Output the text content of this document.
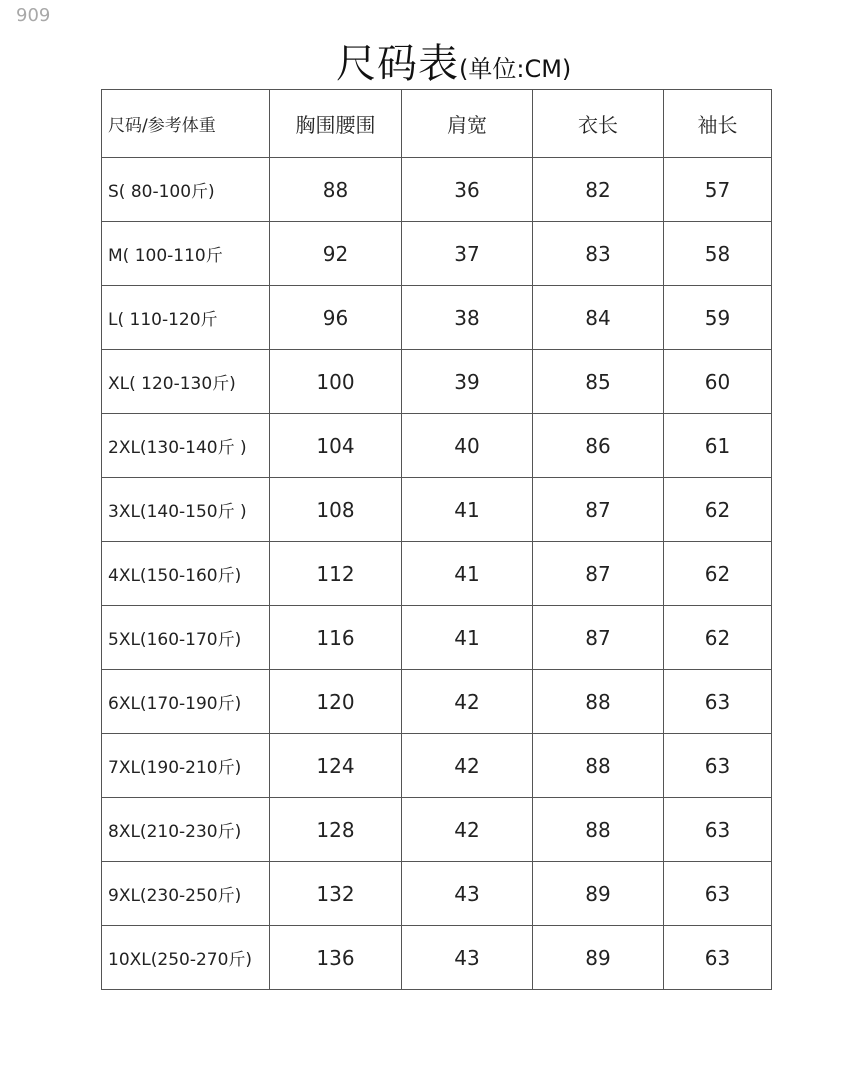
909
尺码表(单位:CM)
尺码/参考体重	胸围腰围	肩宽	衣长	袖长
S( 80-100斤)	88	36	82	57
M( 100-110斤	92	37	83	58
L( 110-120斤	96	38	84	59
XL( 120-130斤)	100	39	85	60
2XL(130-140斤 )	104	40	86	61
3XL(140-150斤 )	108	41	87	62
4XL(150-160斤)	112	41	87	62
5XL(160-170斤)	116	41	87	62
6XL(170-190斤)	120	42	88	63
7XL(190-210斤)	124	42	88	63
8XL(210-230斤)	128	42	88	63
9XL(230-250斤)	132	43	89	63
10XL(250-270斤)	136	43	89	63
